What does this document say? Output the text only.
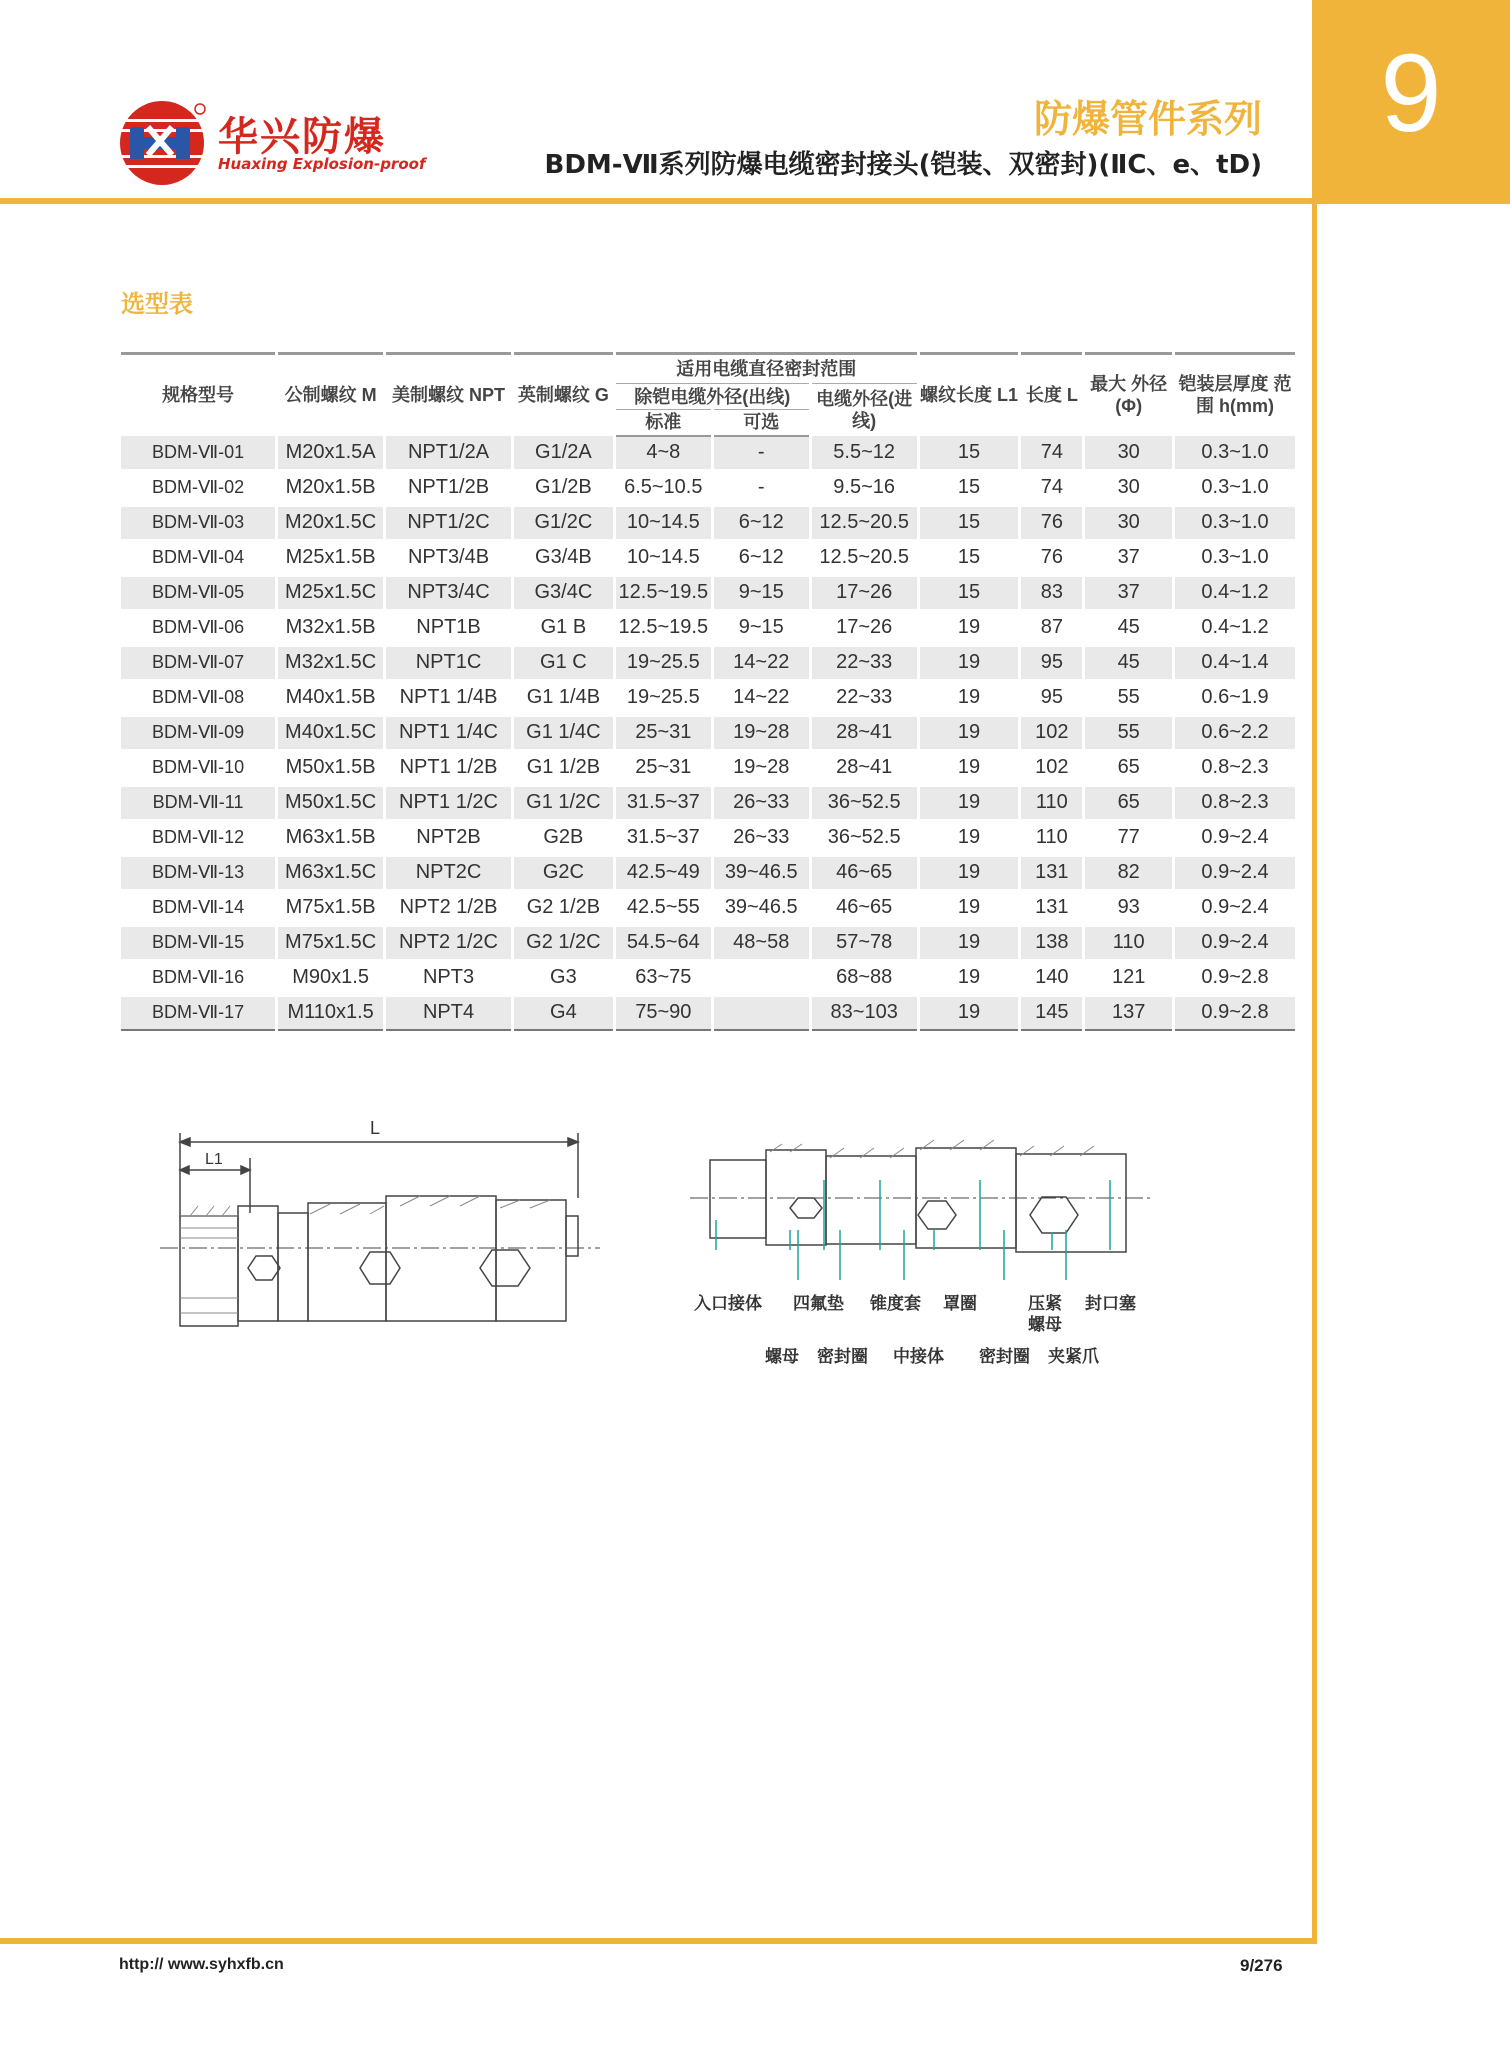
华兴防爆
Huaxing Explosion-proof
防爆管件系列
BDM-Ⅶ系列防爆电缆密封接头(铠装、双密封)(ⅡC、e、tD)
9
选型表
规格型号	公制螺纹 M	美制螺纹 NPT	英制螺纹 G	适用电缆直径密封范围			螺纹长度 L1	长度 L	最大 外径(Φ)	铠装层厚度 范围 h(mm)
				除铠电缆外径(出线)		电缆外径(进线)				
				标准	可选					
BDM-Ⅶ-01	M20x1.5A	NPT1/2A	G1/2A	4~8	-	5.5~12	15	74	30	0.3~1.0
BDM-Ⅶ-02	M20x1.5B	NPT1/2B	G1/2B	6.5~10.5	-	9.5~16	15	74	30	0.3~1.0
BDM-Ⅶ-03	M20x1.5C	NPT1/2C	G1/2C	10~14.5	6~12	12.5~20.5	15	76	30	0.3~1.0
BDM-Ⅶ-04	M25x1.5B	NPT3/4B	G3/4B	10~14.5	6~12	12.5~20.5	15	76	37	0.3~1.0
BDM-Ⅶ-05	M25x1.5C	NPT3/4C	G3/4C	12.5~19.5	9~15	17~26	15	83	37	0.4~1.2
BDM-Ⅶ-06	M32x1.5B	NPT1B	G1 B	12.5~19.5	9~15	17~26	19	87	45	0.4~1.2
BDM-Ⅶ-07	M32x1.5C	NPT1C	G1 C	19~25.5	14~22	22~33	19	95	45	0.4~1.4
BDM-Ⅶ-08	M40x1.5B	NPT1 1/4B	G1 1/4B	19~25.5	14~22	22~33	19	95	55	0.6~1.9
BDM-Ⅶ-09	M40x1.5C	NPT1 1/4C	G1 1/4C	25~31	19~28	28~41	19	102	55	0.6~2.2
BDM-Ⅶ-10	M50x1.5B	NPT1 1/2B	G1 1/2B	25~31	19~28	28~41	19	102	65	0.8~2.3
BDM-Ⅶ-11	M50x1.5C	NPT1 1/2C	G1 1/2C	31.5~37	26~33	36~52.5	19	110	65	0.8~2.3
BDM-Ⅶ-12	M63x1.5B	NPT2B	G2B	31.5~37	26~33	36~52.5	19	110	77	0.9~2.4
BDM-Ⅶ-13	M63x1.5C	NPT2C	G2C	42.5~49	39~46.5	46~65	19	131	82	0.9~2.4
BDM-Ⅶ-14	M75x1.5B	NPT2 1/2B	G2 1/2B	42.5~55	39~46.5	46~65	19	131	93	0.9~2.4
BDM-Ⅶ-15	M75x1.5C	NPT2 1/2C	G2 1/2C	54.5~64	48~58	57~78	19	138	110	0.9~2.4
BDM-Ⅶ-16	M90x1.5	NPT3	G3	63~75		68~88	19	140	121	0.9~2.8
BDM-Ⅶ-17	M110x1.5	NPT4	G4	75~90		83~103	19	145	137	0.9~2.8
L
L1
入口接体 四氟垫 锥度套 罩圈	压紧
螺母
封口塞
螺母 密封圈 中接体 密封圈 夹紧爪
http:// www.syhxfb.cn	9/276
